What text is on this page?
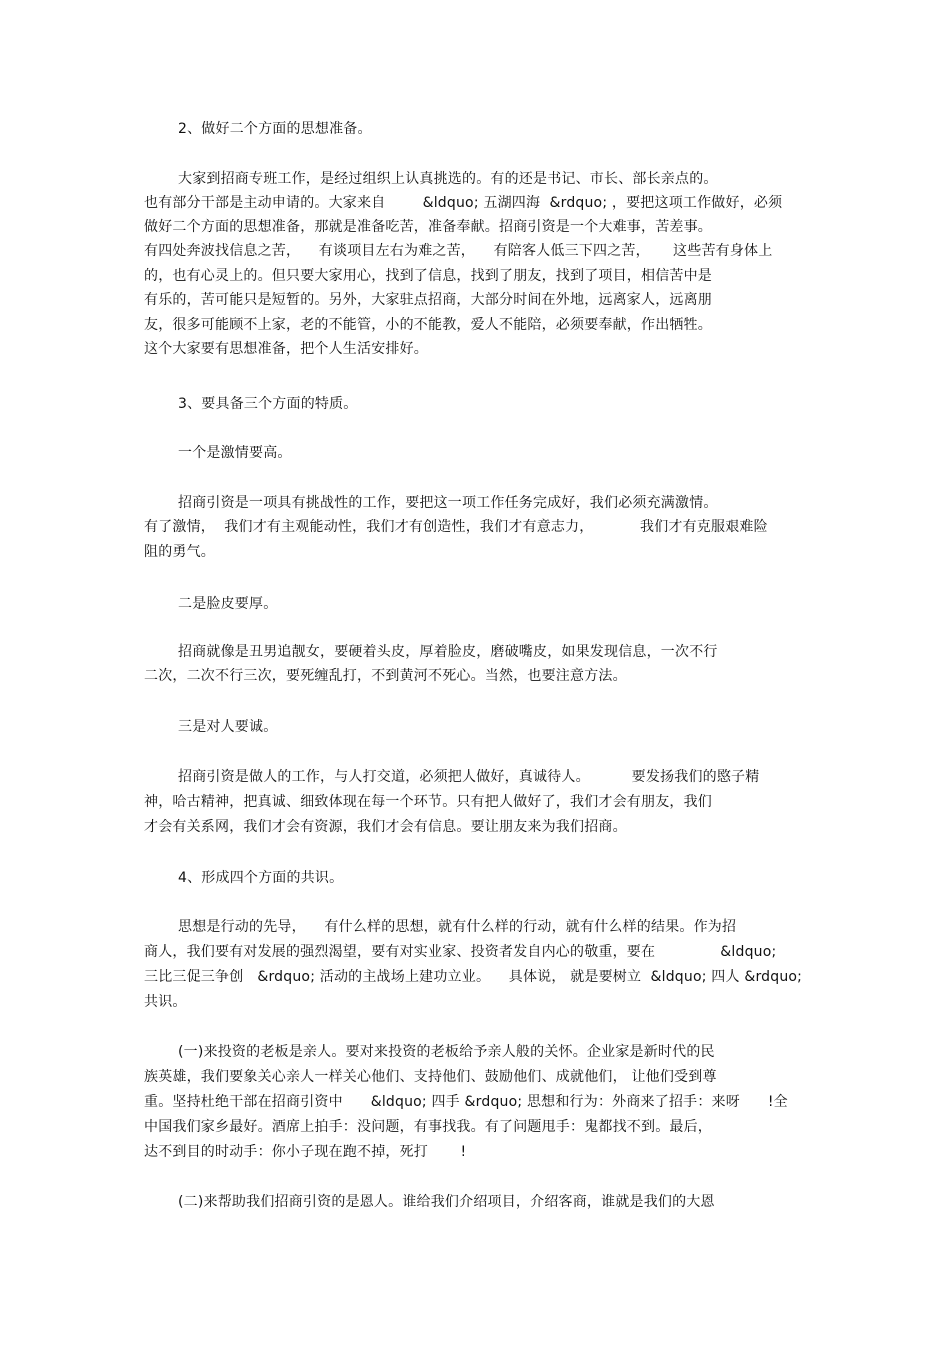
2、做好二个方面的思想准备。
大家到招商专班工作，是经过组织上认真挑选的。有的还是书记、市长、部长亲点的。
也有部分干部是主动申请的。大家来自        &ldquo; 五湖四海  &rdquo; ，要把这项工作做好，必须
做好二个方面的思想准备，那就是准备吃苦，准备奉献。招商引资是一个大难事，苦差事。
有四处奔波找信息之苦，    有谈项目左右为难之苦，    有陪客人低三下四之苦，     这些苦有身体上
的，也有心灵上的。但只要大家用心，找到了信息，找到了朋友，找到了项目，相信苦中是
有乐的，苦可能只是短暂的。另外，大家驻点招商，大部分时间在外地，远离家人，远离朋
友，很多可能顾不上家，老的不能管，小的不能教，爱人不能陪，必须要奉献，作出牺牲。
这个大家要有思想准备，把个人生活安排好。
3、要具备三个方面的特质。
一个是激情要高。
招商引资是一项具有挑战性的工作，要把这一项工作任务完成好，我们必须充满激情。
有了激情，  我们才有主观能动性，我们才有创造性，我们才有意志力，          我们才有克服艰难险
阻的勇气。
二是脸皮要厚。
招商就像是丑男追靓女，要硬着头皮，厚着脸皮，磨破嘴皮，如果发现信息，一次不行
二次，二次不行三次，要死缠乱打，不到黄河不死心。当然，也要注意方法。
三是对人要诚。
招商引资是做人的工作，与人打交道，必须把人做好，真诚待人。         要发扬我们的愍子精
神，哈古精神，把真诚、细致体现在每一个环节。只有把人做好了，我们才会有朋友，我们
才会有关系网，我们才会有资源，我们才会有信息。要让朋友来为我们招商。
4、形成四个方面的共识。
思想是行动的先导，    有什么样的思想，就有什么样的行动，就有什么样的结果。作为招
商人，我们要有对发展的强烈渴望，要有对实业家、投资者发自内心的敬重，要在              &ldquo;
三比三促三争创   &rdquo; 活动的主战场上建功立业。    具体说， 就是要树立  &ldquo; 四人 &rdquo;
共识。
(一)来投资的老板是亲人。要对来投资的老板给予亲人般的关怀。企业家是新时代的民
族英雄，我们要象关心亲人一样关心他们、支持他们、鼓励他们、成就他们， 让他们受到尊
重。坚持杜绝干部在招商引资中      &ldquo; 四手 &rdquo; 思想和行为：外商来了招手：来呀      !全
中国我们家乡最好。酒席上拍手：没问题，有事找我。有了问题甩手：鬼都找不到。最后，
达不到目的时动手：你小子现在跑不掉，死打       !
(二)来帮助我们招商引资的是恩人。谁给我们介绍项目，介绍客商，谁就是我们的大恩
